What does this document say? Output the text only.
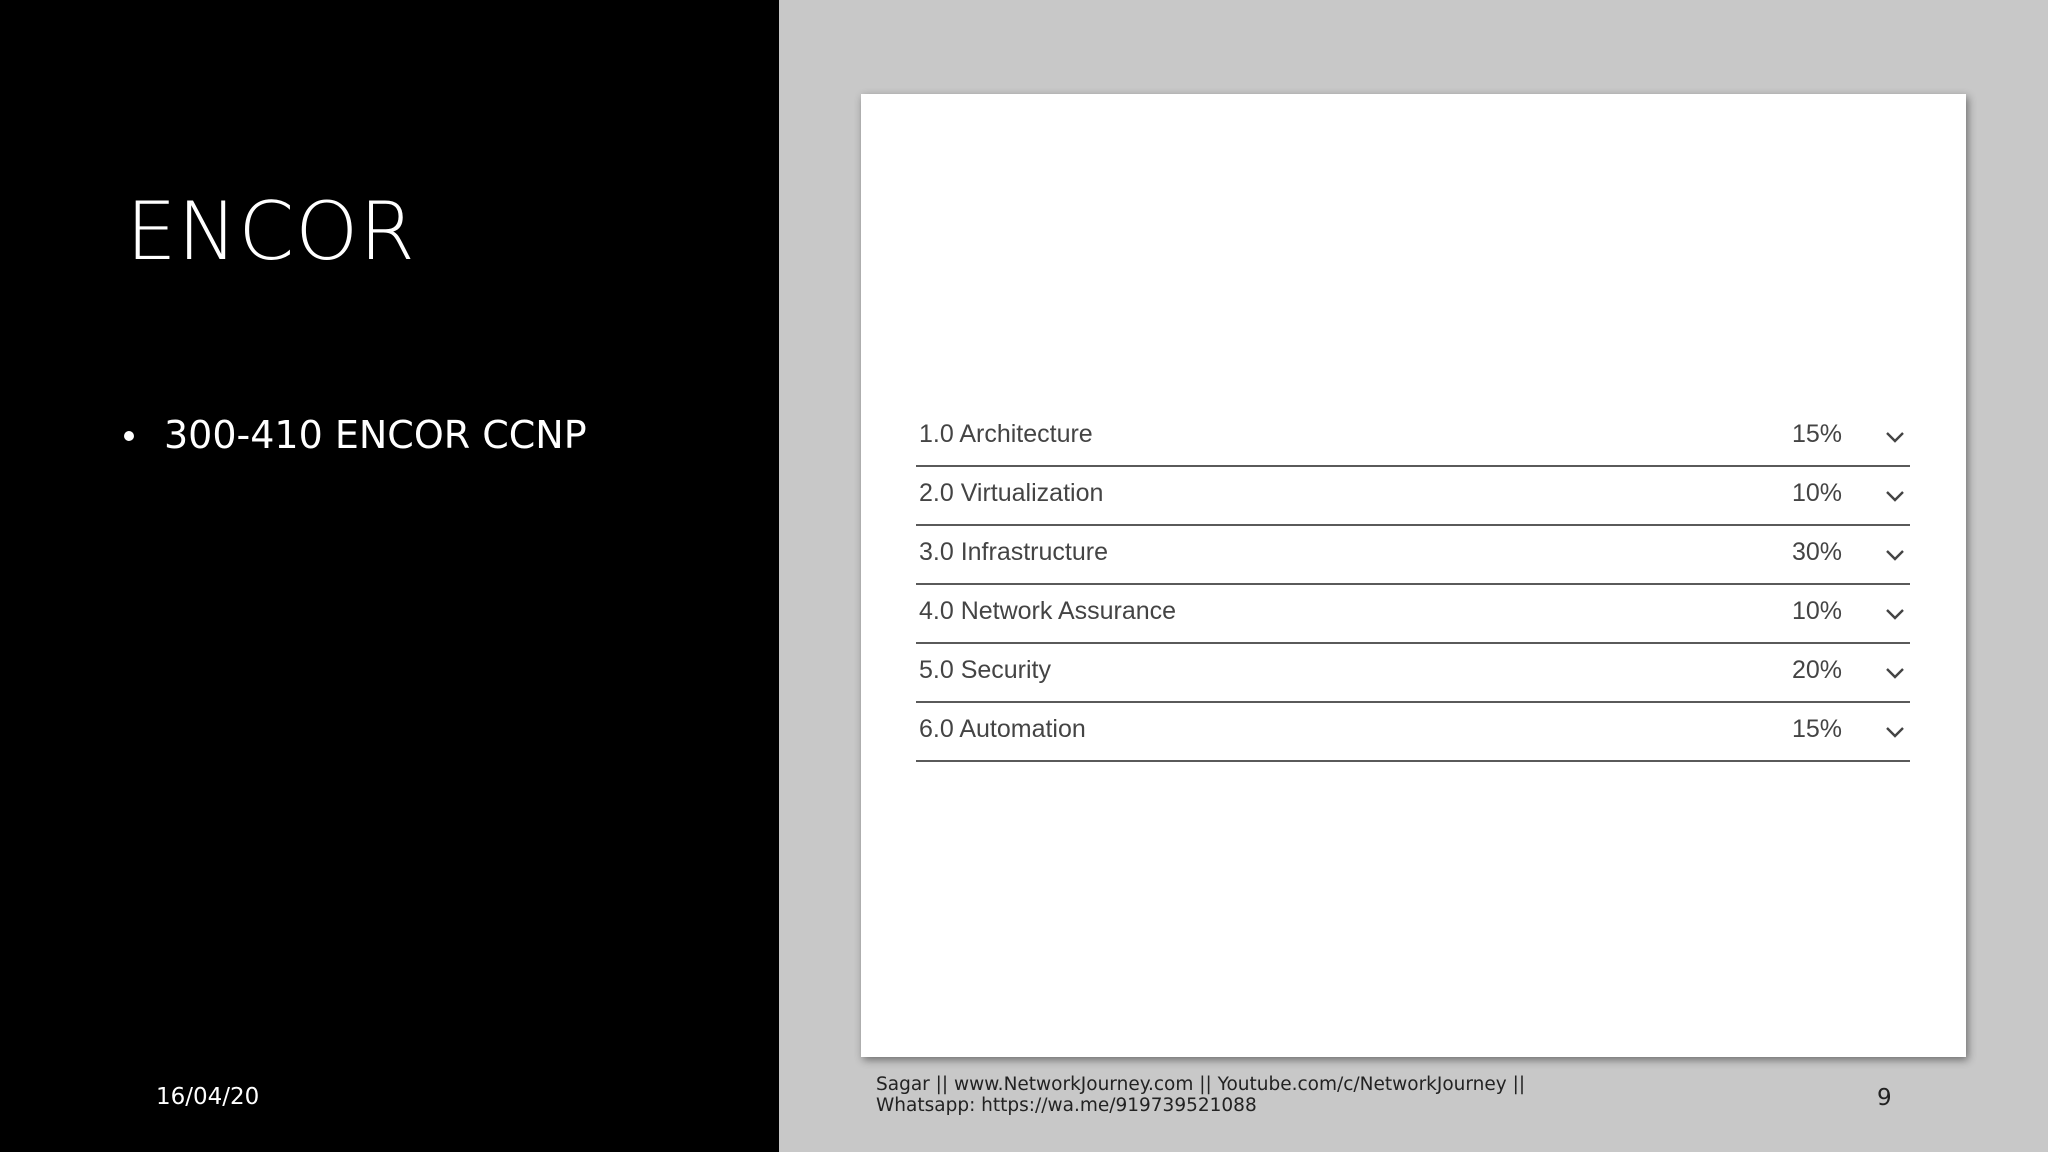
ENCOR
300-410 ENCOR CCNP
16/04/20
1.0 Architecture	15%
2.0 Virtualization	10%
3.0 Infrastructure	30%
4.0 Network Assurance	10%
5.0 Security	20%
6.0 Automation	15%
Sagar || www.NetworkJourney.com || Youtube.com/c/NetworkJourney ||
Whatsapp: https://wa.me/919739521088	9
